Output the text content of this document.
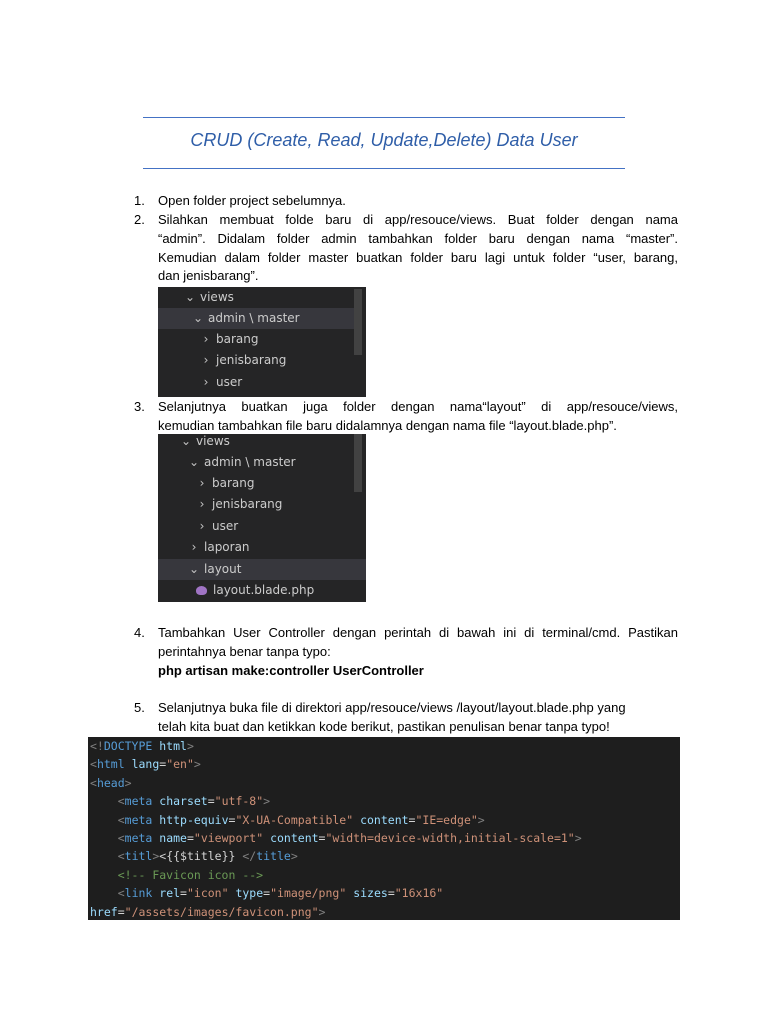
CRUD (Create, Read, Update,Delete) Data User
1.	Open folder project sebelumnya.
2.	Silahkan membuat folde baru di app/resouce/views. Buat folder dengan nama
“admin”. Didalam folder admin tambahkan folder baru dengan nama “master”.
Kemudian dalam folder master buatkan folder baru lagi untuk folder “user, barang,
dan jenisbarang”.
⌄ views
⌄ admin \ master
› barang
› jenisbarang
› user
3.	Selanjutnya buatkan juga folder dengan nama“layout” di app/resouce/views,
kemudian tambahkan file baru didalamnya dengan nama file “layout.blade.php”.
⌄ views
⌄ admin \ master
› barang
› jenisbarang
› user
› laporan
⌄ layout
layout.blade.php
4.	Tambahkan User Controller dengan perintah di bawah ini di terminal/cmd. Pastikan
perintahnya benar tanpa typo:
php artisan make:controller UserController
5.	Selanjutnya buka file di direktori app/resouce/views /layout/layout.blade.php yang
telah kita buat dan ketikkan kode berikut, pastikan penulisan benar tanpa typo!
<!DOCTYPE html>
<html lang="en">
<head>
<meta charset="utf-8">
<meta http-equiv="X-UA-Compatible" content="IE=edge">
<meta name="viewport" content="width=device-width,initial-scale=1">
<titl><{{$title}} </title>
<!-- Favicon icon -->
<link rel="icon" type="image/png" sizes="16x16"
href="/assets/images/favicon.png">
